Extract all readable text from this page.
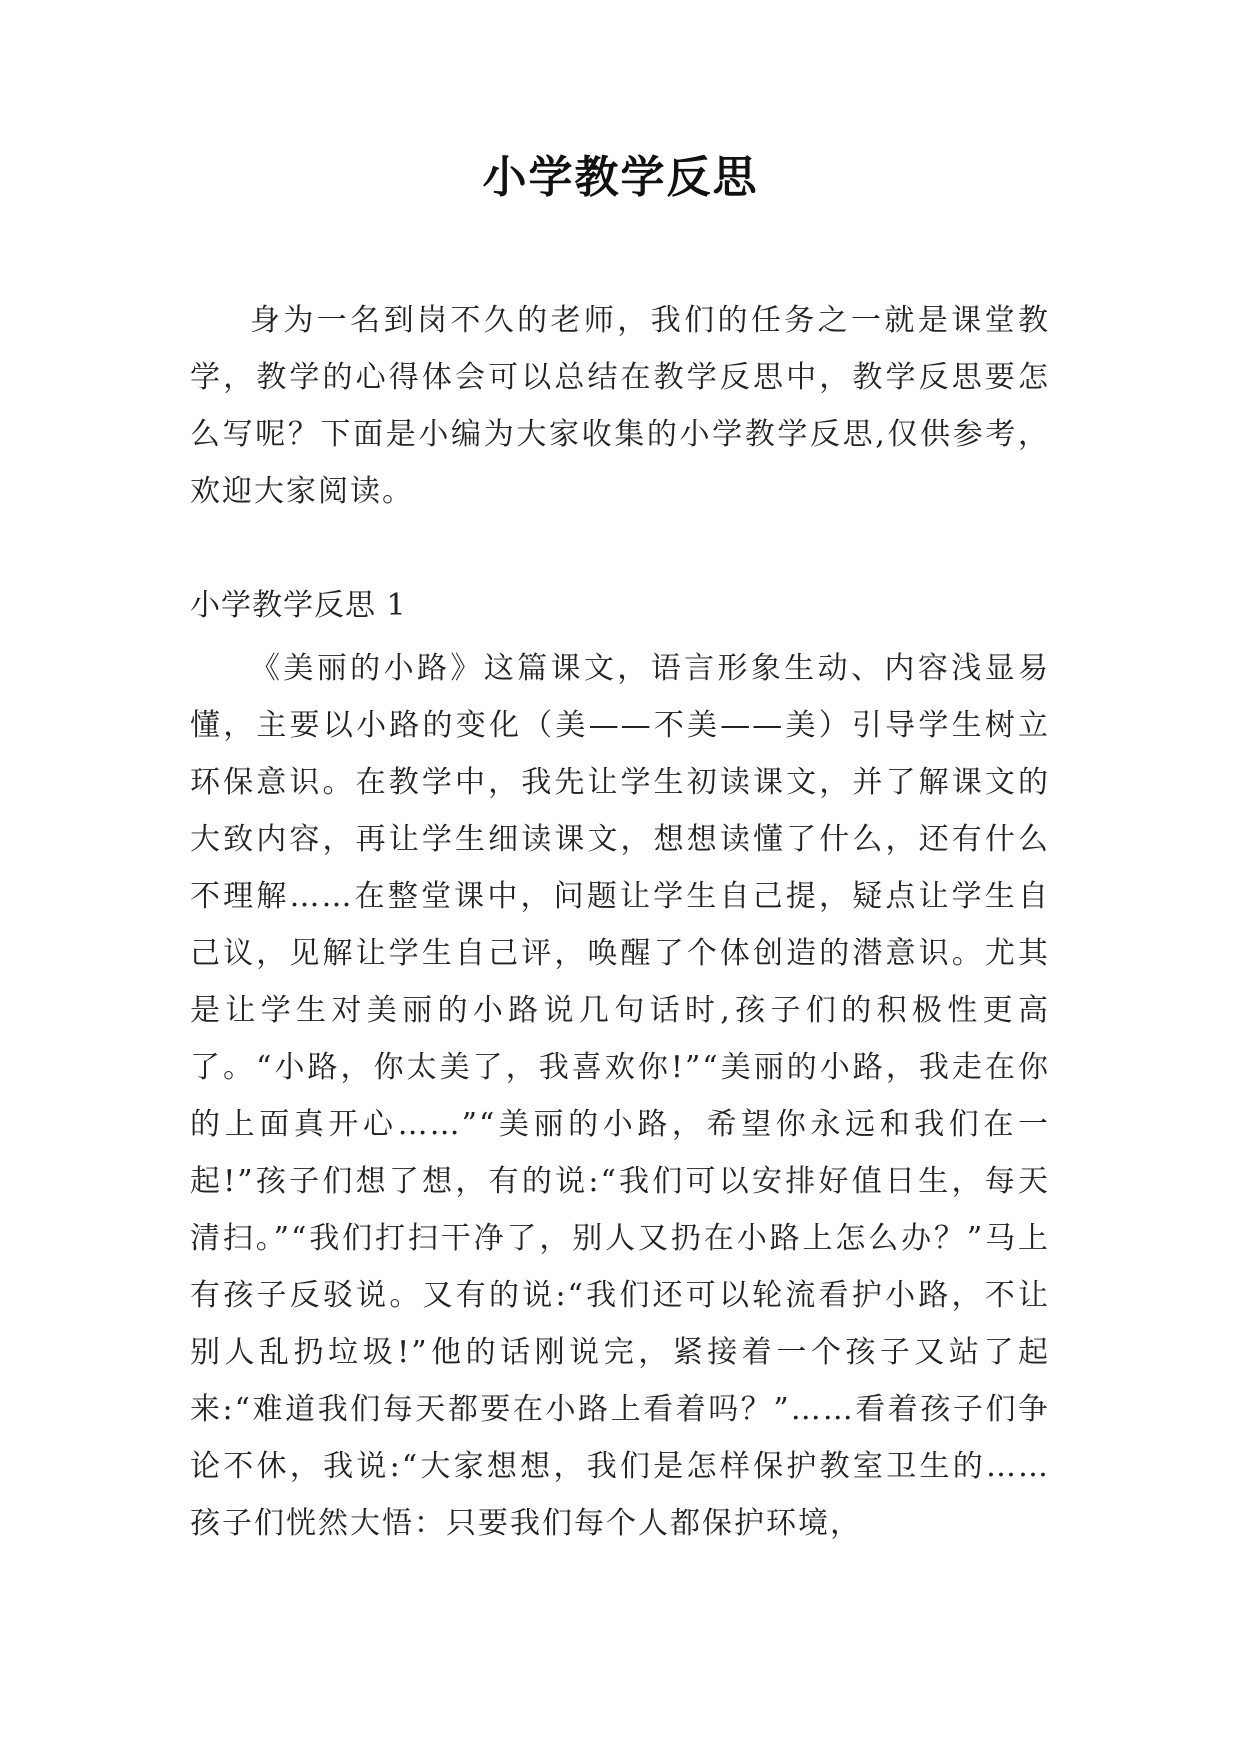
小学教学反思

身为一名到岗不久的老师，我们的任务之一就是课堂教学，教学的心得体会可以总结在教学反思中，教学反思要怎么写呢？下面是小编为大家收集的小学教学反思,仅供参考，欢迎大家阅读。

小学教学反思 1

《美丽的小路》这篇课文，语言形象生动、内容浅显易懂，主要以小路的变化（美——不美——美）引导学生树立环保意识。在教学中，我先让学生初读课文，并了解课文的大致内容，再让学生细读课文，想想读懂了什么，还有什么不理解……在整堂课中，问题让学生自己提，疑点让学生自己议，见解让学生自己评，唤醒了个体创造的潜意识。尤其是让学生对美丽的小路说几句话时,孩子们的积极性更高了。“小路，你太美了，我喜欢你!”“美丽的小路，我走在你的上面真开心……”“美丽的小路，希望你永远和我们在一起!”孩子们想了想，有的说:“我们可以安排好值日生，每天清扫。”“我们打扫干净了，别人又扔在小路上怎么办？”马上有孩子反驳说。又有的说:“我们还可以轮流看护小路，不让别人乱扔垃圾!”他的话刚说完，紧接着一个孩子又站了起来:“难道我们每天都要在小路上看着吗？”……看着孩子们争论不休，我说:“大家想想，我们是怎样保护教室卫生的……孩子们恍然大悟：只要我们每个人都保护环境，
